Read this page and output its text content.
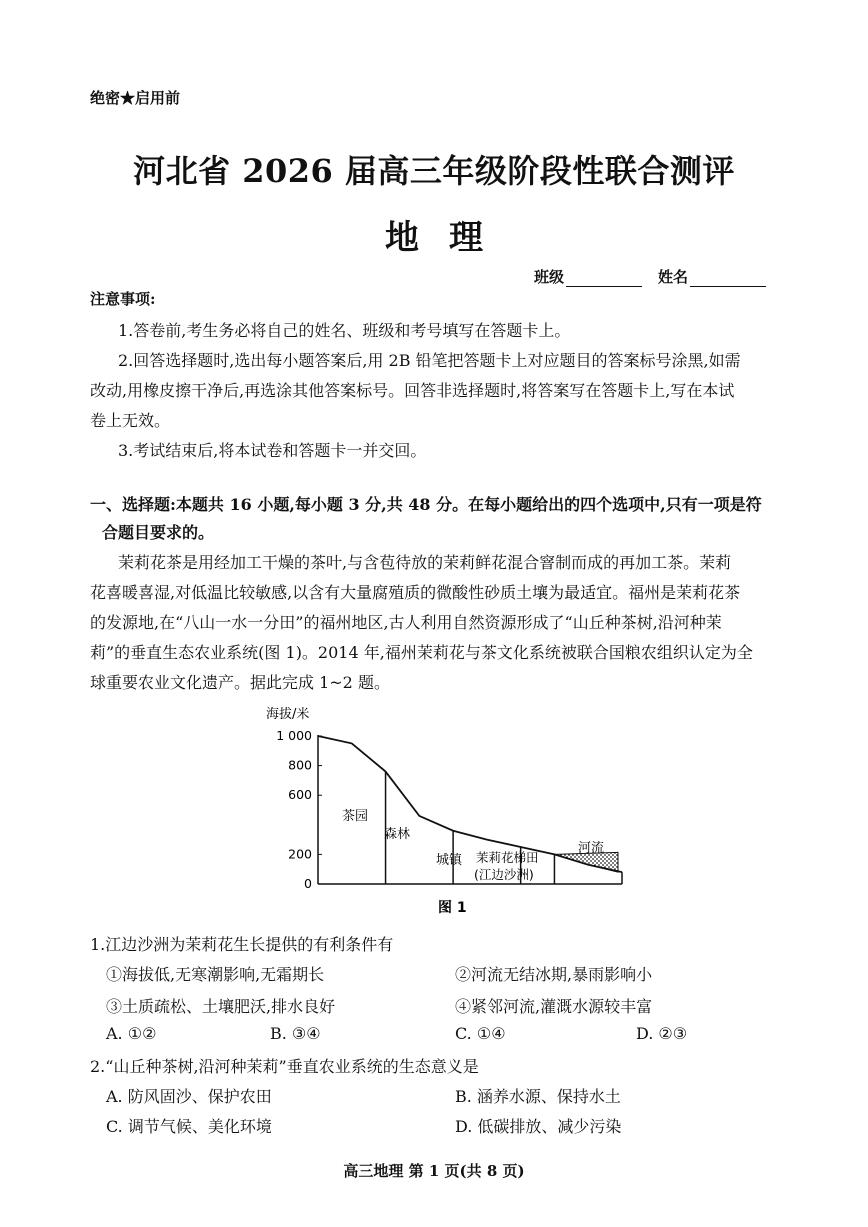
绝密★启用前
河北省 2026 届高三年级阶段性联合测评
地理
班级	姓名
注意事项:
1.答卷前,考生务必将自己的姓名、班级和考号填写在答题卡上。
2.回答选择题时,选出每小题答案后,用 2B 铅笔把答题卡上对应题目的答案标号涂黑,如需
改动,用橡皮擦干净后,再选涂其他答案标号。回答非选择题时,将答案写在答题卡上,写在本试
卷上无效。
3.考试结束后,将本试卷和答题卡一并交回。
一、选择题:本题共 16 小题,每小题 3 分,共 48 分。在每小题给出的四个选项中,只有一项是符
合题目要求的。
茉莉花茶是用经加工干燥的茶叶,与含苞待放的茉莉鲜花混合窨制而成的再加工茶。茉莉
花喜暖喜湿,对低温比较敏感,以含有大量腐殖质的微酸性砂质土壤为最适宜。福州是茉莉花茶
的发源地,在“八山一水一分田”的福州地区,古人利用自然资源形成了“山丘种茶树,沿河种茉
莉”的垂直生态农业系统(图 1)。2014 年,福州茉莉花与茶文化系统被联合国粮农组织认定为全
球重要农业文化遗产。据此完成 1~2 题。
海拔/米
1 000
800
600
200
0
400
茶园
森林
城镇 茉莉花梯田
(江边沙洲)
河流
图 1
1.江边沙洲为茉莉花生长提供的有利条件有
①海拔低,无寒潮影响,无霜期长	②河流无结冰期,暴雨影响小
③土质疏松、土壤肥沃,排水良好	④紧邻河流,灌溉水源较丰富
A. ①②	B. ③④	C. ①④	D. ②③
2.“山丘种茶树,沿河种茉莉”垂直农业系统的生态意义是
A. 防风固沙、保护农田	B. 涵养水源、保持水土
C. 调节气候、美化环境	D. 低碳排放、减少污染
高三地理 第 1 页(共 8 页)
